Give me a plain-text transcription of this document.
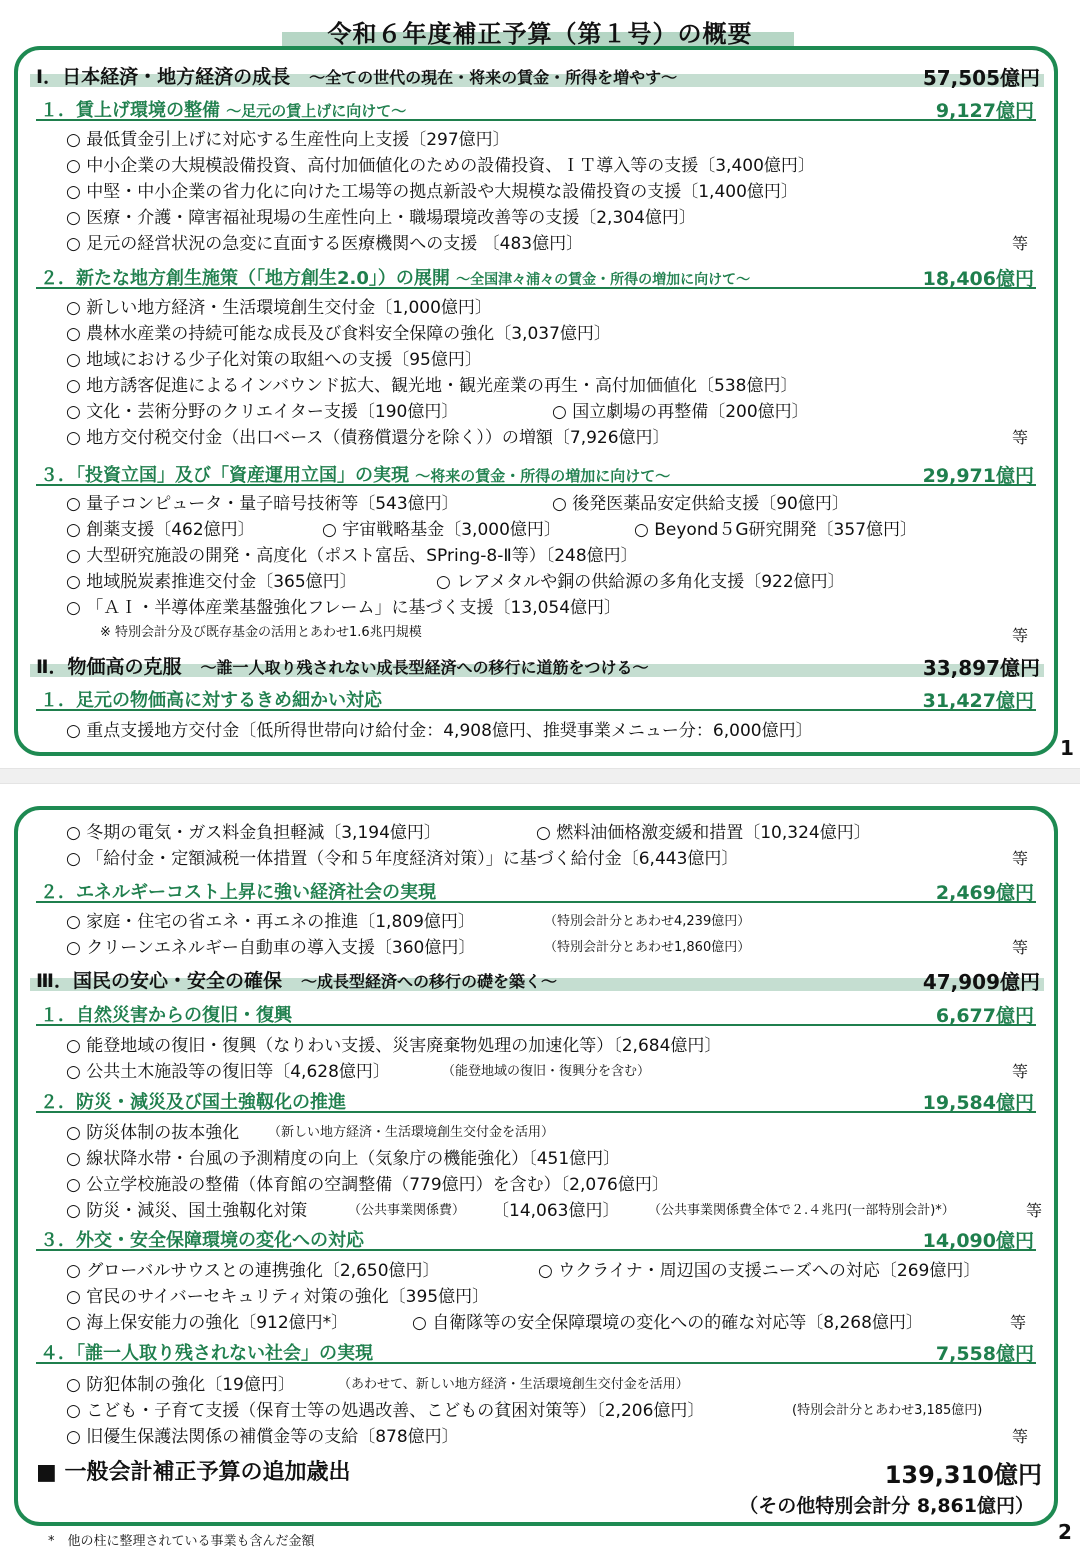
令和６年度補正予算（第１号）の概要
1
2
Ⅰ．日本経済・地方経済の成長　 ～全ての世代の現在・将来の賃金・所得を増やす～	57,505億円
１．賃上げ環境の整備 ～足元の賃上げに向けて～	9,127億円
○ 最低賃金引上げに対応する生産性向上支援〔297億円〕
○ 中小企業の大規模設備投資、高付加価値化のための設備投資、ＩＴ導入等の支援〔3,400億円〕
○ 中堅・中小企業の省力化に向けた工場等の拠点新設や大規模な設備投資の支援〔1,400億円〕
○ 医療・介護・障害福祉現場の生産性向上・職場環境改善等の支援〔2,304億円〕
○ 足元の経営状況の急変に直面する医療機関への支援 〔483億円〕	等
２．新たな地方創生施策（「地方創生2.0」）の展開 ～全国津々浦々の賃金・所得の増加に向けて～	18,406億円
○ 新しい地方経済・生活環境創生交付金〔1,000億円〕
○ 農林水産業の持続可能な成長及び食料安全保障の強化〔3,037億円〕
○ 地域における少子化対策の取組への支援〔95億円〕
○ 地方誘客促進によるインバウンド拡大、観光地・観光産業の再生・高付加価値化〔538億円〕
○ 文化・芸術分野のクリエイター支援〔190億円〕	○ 国立劇場の再整備〔200億円〕
○ 地方交付税交付金（出口ベース（債務償還分を除く））の増額〔7,926億円〕	等
３．「投資立国」及び「資産運用立国」の実現 ～将来の賃金・所得の増加に向けて～	29,971億円
○ 量子コンピュータ・量子暗号技術等〔543億円〕	○ 後発医薬品安定供給支援〔90億円〕
○ 創薬支援〔462億円〕	○ 宇宙戦略基金〔3,000億円〕	○ Beyond５G研究開発〔357億円〕
○ 大型研究施設の開発・高度化（ポスト富岳、SPring-8-Ⅱ等）〔248億円〕
○ 地域脱炭素推進交付金〔365億円〕	○ レアメタルや銅の供給源の多角化支援〔922億円〕
○ 「ＡＩ・半導体産業基盤強化フレーム」に基づく支援〔13,054億円〕
※ 特別会計分及び既存基金の活用とあわせ1.6兆円規模	等
Ⅱ．物価高の克服　 ～誰一人取り残されない成長型経済への移行に道筋をつける～	33,897億円
１．足元の物価高に対するきめ細かい対応	31,427億円
○ 重点支援地方交付金〔低所得世帯向け給付金：4,908億円、推奨事業メニュー分：6,000億円〕
○ 冬期の電気・ガス料金負担軽減〔3,194億円〕	○ 燃料油価格激変緩和措置〔10,324億円〕
○ 「給付金・定額減税一体措置（令和５年度経済対策）」に基づく給付金〔6,443億円〕	等
２．エネルギーコスト上昇に強い経済社会の実現	2,469億円
○ 家庭・住宅の省エネ・再エネの推進〔1,809億円〕	（特別会計分とあわせ4,239億円）
○ クリーンエネルギー自動車の導入支援〔360億円〕	（特別会計分とあわせ1,860億円）	等
Ⅲ．国民の安心・安全の確保　 ～成長型経済への移行の礎を築く～	47,909億円
１．自然災害からの復旧・復興	6,677億円
○ 能登地域の復旧・復興（なりわい支援、災害廃棄物処理の加速化等）〔2,684億円〕
○ 公共土木施設等の復旧等〔4,628億円〕	（能登地域の復旧・復興分を含む）	等
２．防災・減災及び国土強靱化の推進	19,584億円
○ 防災体制の抜本強化 （新しい地方経済・生活環境創生交付金を活用）
○ 線状降水帯・台風の予測精度の向上（気象庁の機能強化）〔451億円〕
○ 公立学校施設の整備（体育館の空調整備（779億円）を含む）〔2,076億円〕
○ 防災・減災、国土強靱化対策	（公共事業関係費） 〔14,063億円〕 （公共事業関係費全体で２.４兆円(一部特別会計)*）	等
３．外交・安全保障環境の変化への対応	14,090億円
○ グローバルサウスとの連携強化〔2,650億円〕	○ ウクライナ・周辺国の支援ニーズへの対応〔269億円〕
○ 官民のサイバーセキュリティ対策の強化〔395億円〕
○ 海上保安能力の強化〔912億円*〕	○ 自衛隊等の安全保障環境の変化への的確な対応等〔8,268億円〕	等
４．「誰一人取り残されない社会」の実現	7,558億円
○ 防犯体制の強化〔19億円〕	（あわせて、新しい地方経済・生活環境創生交付金を活用）
○ こども・子育て支援（保育士等の処遇改善、こどもの貧困対策等）〔2,206億円〕	(特別会計分とあわせ3,185億円)
○ 旧優生保護法関係の補償金等の支給〔878億円〕	等
■ 一般会計補正予算の追加歳出	139,310億円
（その他特別会計分 8,861億円）
*　他の柱に整理されている事業も含んだ金額
